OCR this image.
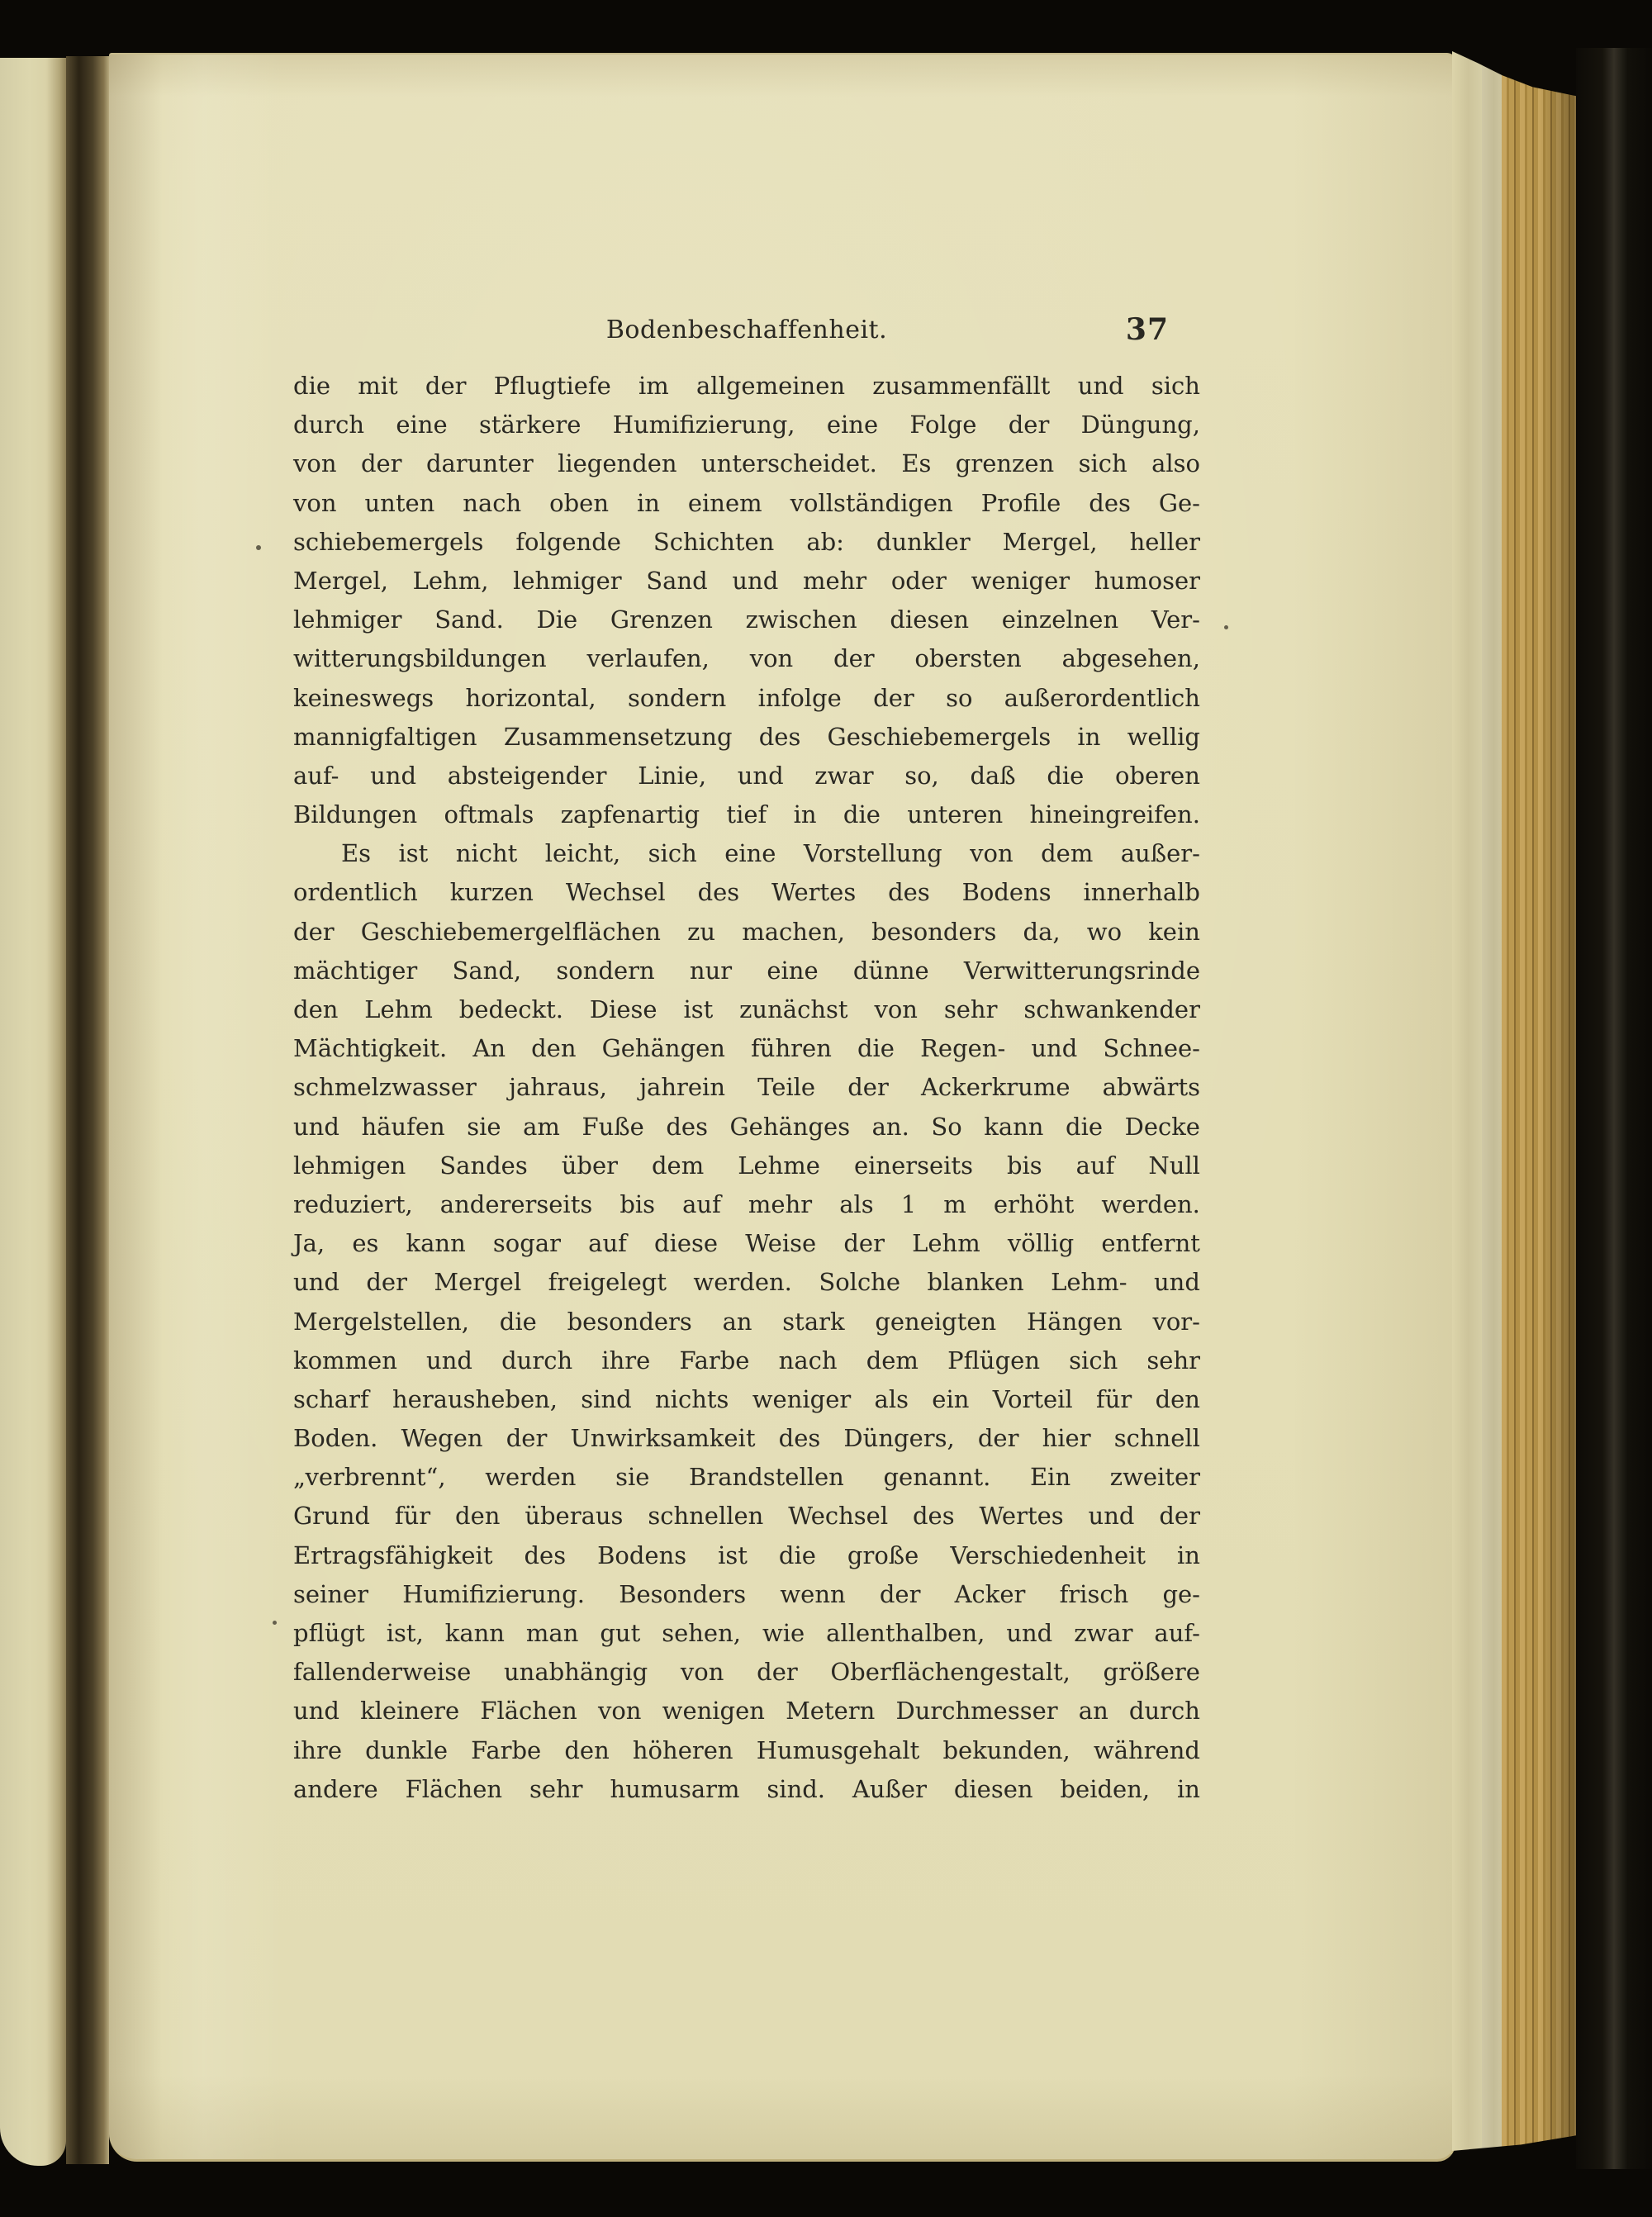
Bodenbeschaffenheit.	37
die mit der Pflugtiefe im allgemeinen zusammenfällt und sich
durch eine stärkere Humifizierung, eine Folge der Düngung,
von der darunter liegenden unterscheidet. Es grenzen sich also
von unten nach oben in einem vollständigen Profile des Ge-
schiebemergels folgende Schichten ab: dunkler Mergel, heller
Mergel, Lehm, lehmiger Sand und mehr oder weniger humoser
lehmiger Sand. Die Grenzen zwischen diesen einzelnen Ver-
witterungsbildungen verlaufen, von der obersten abgesehen,
keineswegs horizontal, sondern infolge der so außerordentlich
mannigfaltigen Zusammensetzung des Geschiebemergels in wellig
auf- und absteigender Linie, und zwar so, daß die oberen
Bildungen oftmals zapfenartig tief in die unteren hineingreifen.
Es ist nicht leicht, sich eine Vorstellung von dem außer-
ordentlich kurzen Wechsel des Wertes des Bodens innerhalb
der Geschiebemergelflächen zu machen, besonders da, wo kein
mächtiger Sand, sondern nur eine dünne Verwitterungsrinde
den Lehm bedeckt. Diese ist zunächst von sehr schwankender
Mächtigkeit. An den Gehängen führen die Regen- und Schnee-
schmelzwasser jahraus, jahrein Teile der Ackerkrume abwärts
und häufen sie am Fuße des Gehänges an. So kann die Decke
lehmigen Sandes über dem Lehme einerseits bis auf Null
reduziert, andererseits bis auf mehr als 1 m erhöht werden.
Ja, es kann sogar auf diese Weise der Lehm völlig entfernt
und der Mergel freigelegt werden. Solche blanken Lehm- und
Mergelstellen, die besonders an stark geneigten Hängen vor-
kommen und durch ihre Farbe nach dem Pflügen sich sehr
scharf herausheben, sind nichts weniger als ein Vorteil für den
Boden. Wegen der Unwirksamkeit des Düngers, der hier schnell
„verbrennt“, werden sie Brandstellen genannt. Ein zweiter
Grund für den überaus schnellen Wechsel des Wertes und der
Ertragsfähigkeit des Bodens ist die große Verschiedenheit in
seiner Humifizierung. Besonders wenn der Acker frisch ge-
pflügt ist, kann man gut sehen, wie allenthalben, und zwar auf-
fallenderweise unabhängig von der Oberflächengestalt, größere
und kleinere Flächen von wenigen Metern Durchmesser an durch
ihre dunkle Farbe den höheren Humusgehalt bekunden, während
andere Flächen sehr humusarm sind. Außer diesen beiden, in
